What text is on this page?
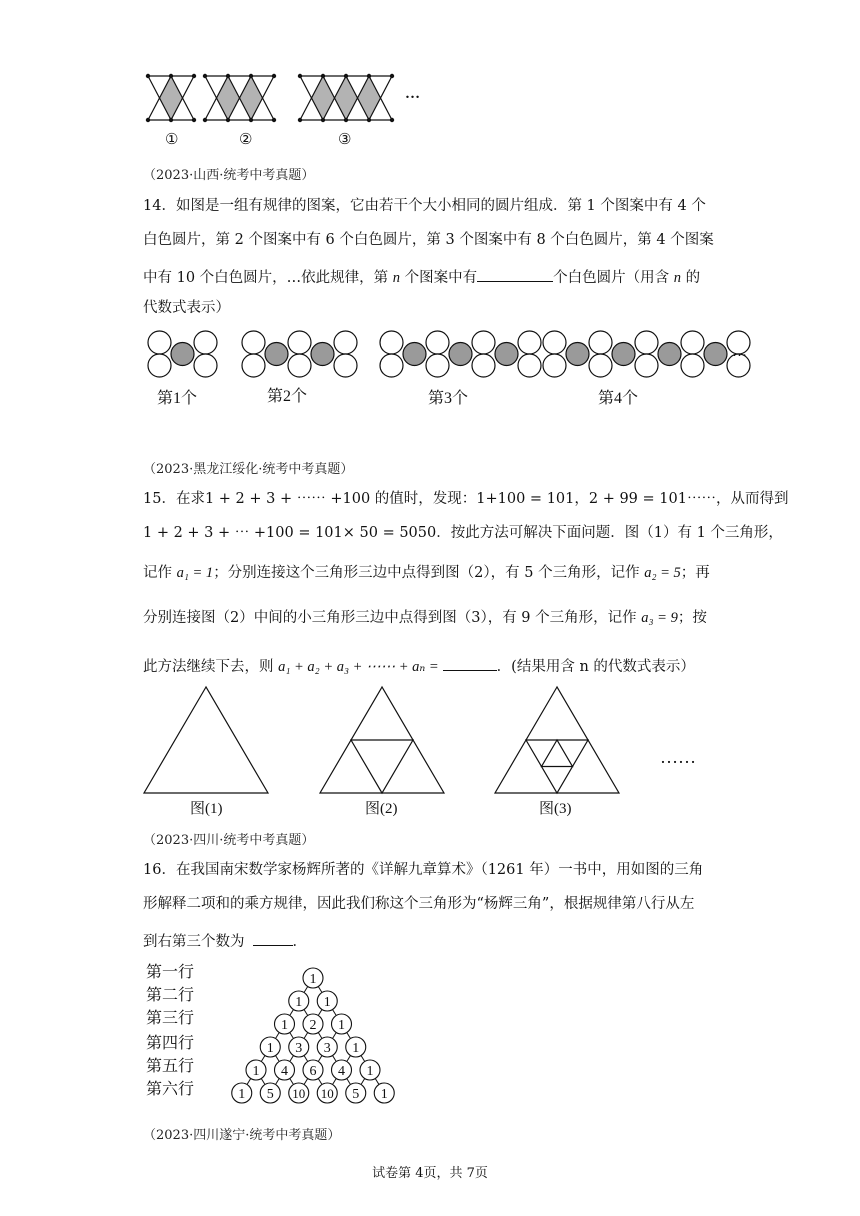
①	②	③
…
（2023·山西·统考中考真题）
14．如图是一组有规律的图案，它由若干个大小相同的圆片组成．第 1 个图案中有 4 个
白色圆片，第 2 个图案中有 6 个白色圆片，第 3 个图案中有 8 个白色圆片，第 4 个图案
中有 10 个白色圆片，…依此规律，第 n 个图案中有	个白色圆片（用含 n 的
代数式表示）
第1个	第2个	第3个	第4个
…
（2023·黑龙江绥化·统考中考真题）
15．在求1 + 2 + 3 + ⋯⋯ +100 的值时，发现：1+100 = 101，2 + 99 = 101⋯⋯，从而得到
1 + 2 + 3 + ⋯ +100 = 101× 50 = 5050．按此方法可解决下面问题．图（1）有 1 个三角形，
记作 a₁ = 1；分别连接这个三角形三边中点得到图（2），有 5 个三角形，记作 a₂ = 5；再
分别连接图（2）中间的小三角形三边中点得到图（3），有 9 个三角形，记作 a₃ = 9；按
此方法继续下去，则 a₁ + a₂ + a₃ + ⋯⋯ + aₙ =	．(结果用含 n 的代数式表示）
图(1)	图(2)	图(3)
……
（2023·四川·统考中考真题）
16．在我国南宋数学家杨辉所著的《详解九章算术》（1261 年）一书中，用如图的三角
形解释二项和的乘方规律，因此我们称这个三角形为“杨辉三角”，根据规律第八行从左
到右第三个数为	．
第一行
第二行
第三行
第四行
第五行
第六行
1
1 1
1 2 1
1 3 3 1
1 4 6 4 1
1 5 10 10 5 1
（2023·四川遂宁·统考中考真题）
试卷第 4页，共 7页
